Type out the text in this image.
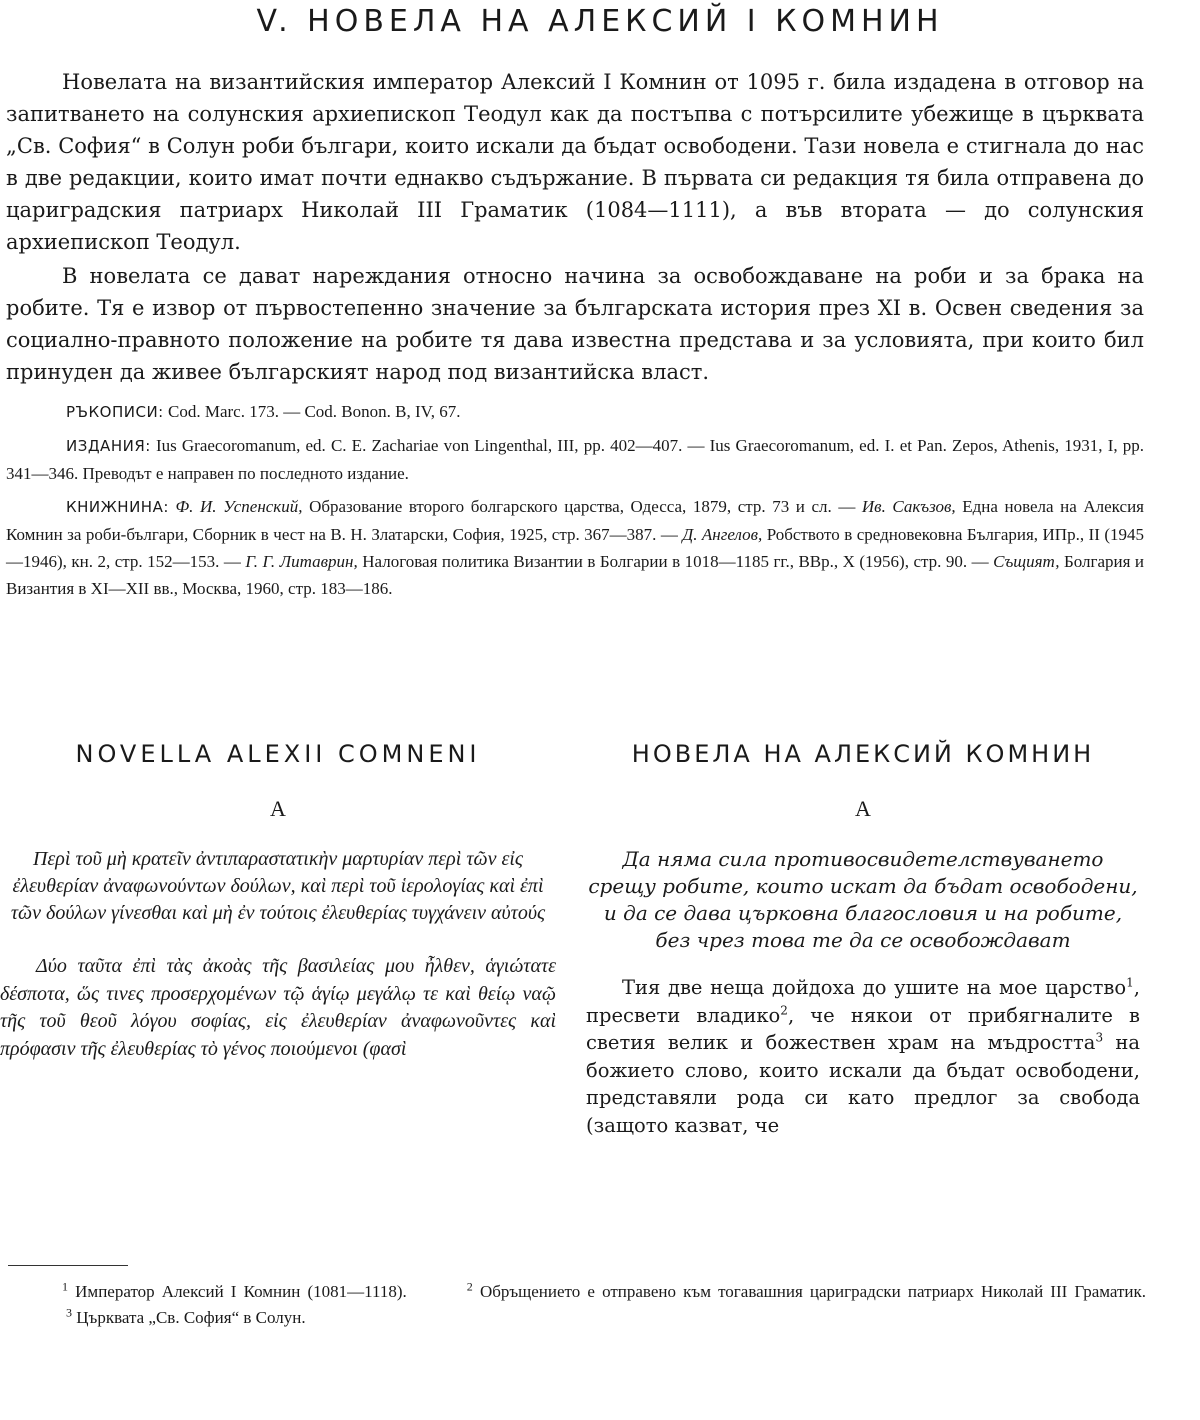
V. НОВЕЛА НА АЛЕКСИЙ I КОМНИН

Новелата на византийския император Алексий I Комнин от 1095 г. била издадена в отговор на запитването на солунския архиепископ Теодул как да постъпва с потърсилите убежище в църквата „Св. София“ в Солун роби българи, които искали да бъдат освободени. Тази новела е стигнала до нас в две редакции, които имат почти еднакво съдържание. В първата си редакция тя била отправена до цариградския патриарх Николай III Граматик (1084—1111), а във втората — до солунския архиепископ Теодул.

В новелата се дават нареждания относно начина за освобождаване на роби и за брака на робите. Тя е извор от първостепенно значение за българската история през XI в. Освен сведения за социално-правното положение на робите тя дава известна представа и за условията, при които бил принуден да живее българският народ под византийска власт.

РЪКОПИСИ: Cod. Marc. 173. — Cod. Bonon. B, IV, 67.

ИЗДАНИЯ: Ius Graecoromanum, ed. C. E. Zachariae von Lingenthal, III, pp. 402—407. — Ius Graecoromanum, ed. I. et Pan. Zepos, Athenis, 1931, I, pp. 341—346. Преводът е направен по последното издание.

КНИЖНИНА: Ф. И. Успенский, Образование второго болгарского царства, Одесса, 1879, стр. 73 и сл. — Ив. Сакъзов, Една новела на Алексия Комнин за роби-българи, Сборник в чест на В. Н. Златарски, София, 1925, стр. 367—387. — Д. Ангелов, Робството в средновековна България, ИПр., II (1945—1946), кн. 2, стр. 152—153. — Г. Г. Литаврин, Налоговая политика Византии в Болгарии в 1018—1185 гг., ВВр., X (1956), стр. 90. — Същият, Болгария и Византия в XI—XII вв., Москва, 1960, стр. 183—186.

NOVELLA ALEXII COMNENI

A

Περὶ τοῦ μὴ κρατεῖν ἀντιπαραστατικὴν μαρτυρίαν περὶ τῶν εἰς ἐλευθερίαν ἀναφωνούντων δούλων, καὶ περὶ τοῦ ἱερολογίας καὶ ἐπὶ τῶν δούλων γίνεσθαι καὶ μὴ ἐν τούτοις ἐλευθερίας τυγχάνειν αὐτούς

Δύο ταῦτα ἐπὶ τὰς ἀκοὰς τῆς βασιλείας μου ἦλθεν, ἁγιώτατε δέσποτα, ὥς τινες προσερχομένων τῷ ἁγίῳ μεγάλῳ τε καὶ θείῳ ναῷ τῆς τοῦ θεοῦ λόγου σοφίας, εἰς ἐλευθερίαν ἀναφωνοῦντες καὶ πρόφασιν τῆς ἐλευθερίας τὸ γένος ποιούμενοι (φασὶ

НОВЕЛА НА АЛЕКСИЙ КОМНИН

A

Да няма сила противосвидетелствуването срещу робите, които искат да бъдат освободени, и да се дава църковна благословия и на робите, без чрез това те да се освобождават

Тия две неща дойдоха до ушите на мое царство$^1$, пресвети владико$^2$, че някои от прибягналите в светия велик и божествен храм на мъдростта$^3$ на божието слово, които искали да бъдат освободени, представяли рода си като предлог за свобода (защото казват, че

$^1$ Император Алексий I Комнин (1081—1118).	$^2$ Обръщението е отправено към тогавашния цариградски патриарх Николай III Граматик.$^3$ Църквата „Св. София“ в Солун.
